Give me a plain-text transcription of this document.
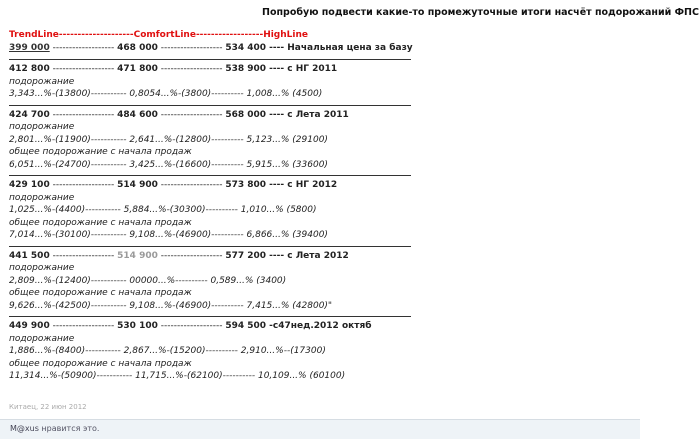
Попробую подвести какие-то промежуточные итоги насчёт подорожаний ФПС
TrendLine--------------------ComfortLine------------------HighLine
399 000 ------------------- 468 000 ------------------- 534 400 ---- Начальная цена за базу
412 800 ------------------- 471 800 ------------------- 538 900 ---- с НГ 2011
подорожание
3,343...%-(13800)----------- 0,8054...%-(3800)---------- 1,008...% (4500)
424 700 ------------------- 484 600 ------------------- 568 000 ---- с Лета 2011
подорожание
2,801...%-(11900)----------- 2,641...%-(12800)---------- 5,123...% (29100)
общее подорожание с начала продаж
6,051...%-(24700)----------- 3,425...%-(16600)---------- 5,915...% (33600)
429 100 ------------------- 514 900 ------------------- 573 800 ---- с НГ 2012
подорожание
1,025...%-(4400)----------- 5,884...%-(30300)---------- 1,010...% (5800)
общее подорожание с начала продаж
7,014...%-(30100)----------- 9,108...%-(46900)---------- 6,866...% (39400)
441 500 ------------------- 514 900 ------------------- 577 200 ---- с Лета 2012
подорожание
2,809...%-(12400)----------- 00000...%---------- 0,589...% (3400)
общее подорожание с начала продаж
9,626...%-(42500)----------- 9,108...%-(46900)---------- 7,415...% (42800)"
449 900 ------------------- 530 100 ------------------- 594 500 -с47нед.2012 октяб
подорожание
1,886...%-(8400)----------- 2,867...%-(15200)---------- 2,910...%--(17300)
общее подорожание с начала продаж
11,314...%-(50900)----------- 11,715...%-(62100)---------- 10,109...% (60100)
Китаец, 22 июн 2012
M@xus нравится это.
